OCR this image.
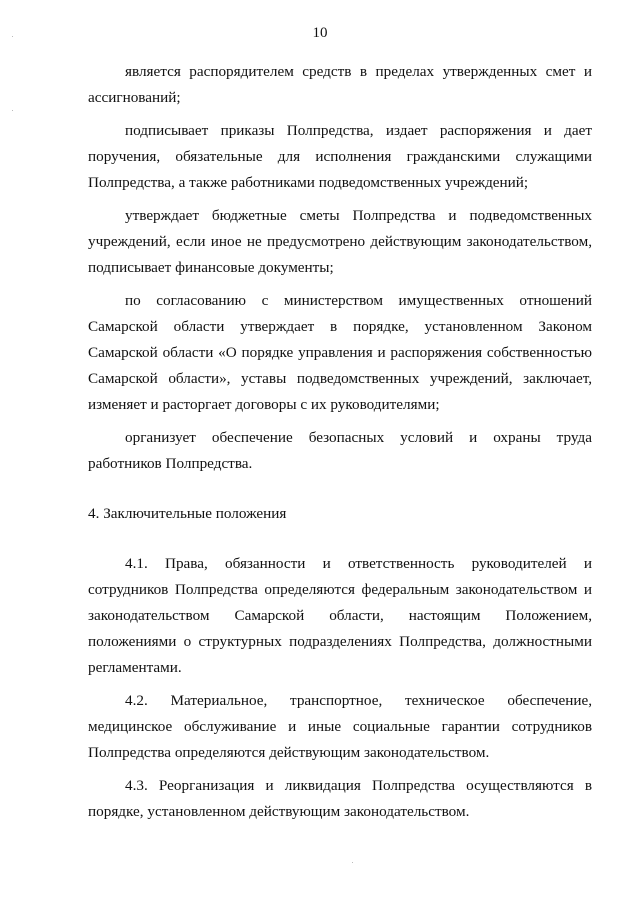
10

является распорядителем средств в пределах утвержденных смет и ассигнований;

подписывает приказы Полпредства, издает распоряжения и дает поручения, обязательные для исполнения гражданскими служащими Полпредства, а также работниками подведомственных учреждений;

утверждает бюджетные сметы Полпредства и подведомственных учреждений, если иное не предусмотрено действующим законодательством, подписывает финансовые документы;

по согласованию с министерством имущественных отношений Самарской области утверждает в порядке, установленном Законом Самарской области «О порядке управления и распоряжения собственностью Самарской области», уставы подведомственных учреждений, заключает, изменяет и расторгает договоры с их руководителями;

организует обеспечение безопасных условий и охраны труда работников Полпредства.

4. Заключительные положения

4.1. Права, обязанности и ответственность руководителей и сотрудников Полпредства определяются федеральным законодательством и законодательством Самарской области, настоящим Положением, положениями о структурных подразделениях Полпредства, должностными регламентами.

4.2. Материальное, транспортное, техническое обеспечение, медицинское обслуживание и иные социальные гарантии сотрудников Полпредства определяются действующим законодательством.

4.3. Реорганизация и ликвидация Полпредства осуществляются в порядке, установленном действующим законодательством.
